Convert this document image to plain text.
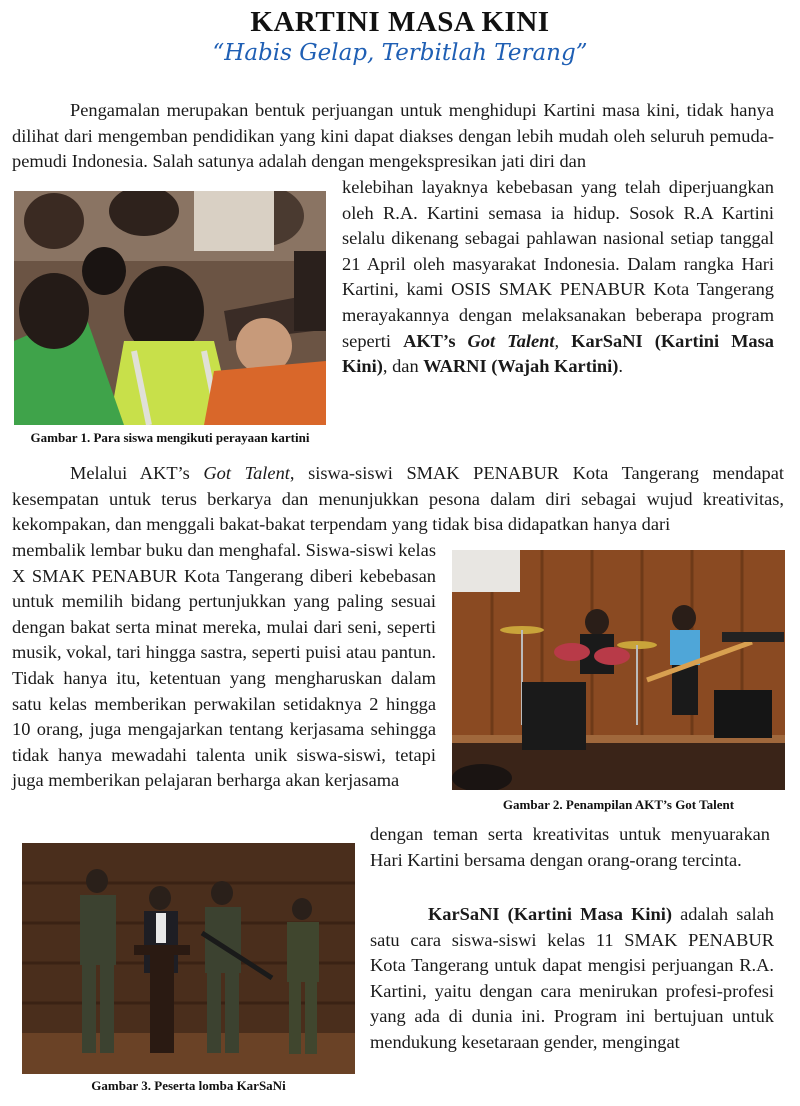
KARTINI MASA KINI
“Habis Gelap, Terbitlah Terang”

Pengamalan merupakan bentuk perjuangan untuk menghidupi Kartini masa kini, tidak hanya dilihat dari mengemban pendidikan yang kini dapat diakses dengan lebih mudah oleh seluruh pemuda-pemudi Indonesia. Salah satunya adalah dengan mengekspresikan jati diri dan

Gambar 1. Para siswa mengikuti perayaan kartini

kelebihan layaknya kebebasan yang telah diperjuangkan oleh R.A. Kartini semasa ia hidup. Sosok R.A Kartini selalu dikenang sebagai pahlawan nasional setiap tanggal 21 April oleh masyarakat Indonesia. Dalam rangka Hari Kartini, kami OSIS SMAK PENABUR Kota Tangerang merayakannya dengan melaksanakan beberapa program seperti AKT’s Got Talent, KarSaNI (Kartini Masa Kini), dan WARNI (Wajah Kartini).

Melalui AKT’s Got Talent, siswa-siswi SMAK PENABUR Kota Tangerang mendapat kesempatan untuk terus berkarya dan menunjukkan pesona dalam diri sebagai wujud kreativitas, kekompakan, dan menggali bakat-bakat terpendam yang tidak bisa didapatkan hanya dari

membalik lembar buku dan menghafal. Siswa-siswi kelas X SMAK PENABUR Kota Tangerang diberi kebebasan untuk memilih bidang pertunjukkan yang paling sesuai dengan bakat serta minat mereka, mulai dari seni, seperti musik, vokal, tari hingga sastra, seperti puisi atau pantun. Tidak hanya itu, ketentuan yang mengharuskan dalam satu kelas memberikan perwakilan setidaknya 2 hingga 10 orang, juga mengajarkan tentang kerjasama sehingga tidak hanya mewadahi talenta unik siswa-siswi, tetapi juga memberikan pelajaran berharga akan kerjasama

Gambar 2. Penampilan AKT’s Got Talent

dengan teman serta kreativitas untuk menyuarakan Hari Kartini bersama dengan orang-orang tercinta.

Gambar 3. Peserta lomba KarSaNi

KarSaNI (Kartini Masa Kini) adalah salah satu cara siswa-siswi kelas 11 SMAK PENABUR Kota Tangerang untuk dapat mengisi perjuangan R.A. Kartini, yaitu dengan cara menirukan profesi-profesi yang ada di dunia ini. Program ini bertujuan untuk mendukung kesetaraan gender, mengingat
